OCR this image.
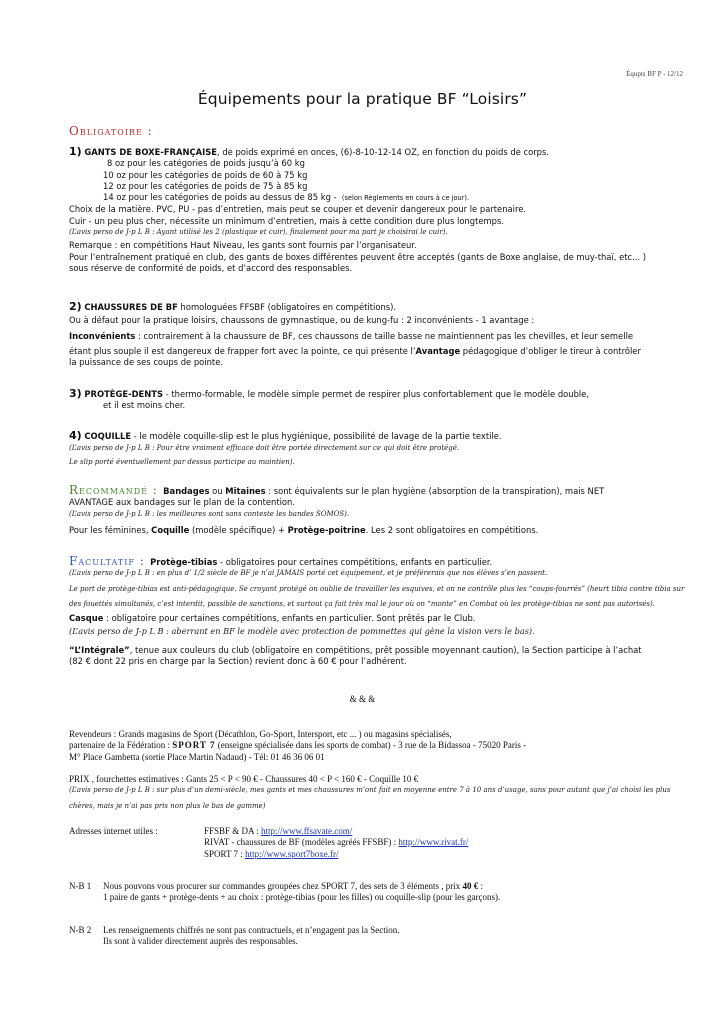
Équpts BF P - 12/12
Équipements pour la pratique BF “Loisirs”

Obligatoire :

1) GANTS DE BOXE-FRANÇAISE, de poids exprimé en onces, (6)-8-10-12-14 OZ, en fonction du poids de corps.

8 oz pour les catégories de poids jusqu’à 60 kg

10 oz pour les catégories de poids de 60 à 75 kg

12 oz pour les catégories de poids de 75 à 85 kg

14 oz pour les catégories de poids au dessus de 85 kg - (selon Règlements en cours à ce jour).

Choix de la matière. PVC, PU - pas d’entretien, mais peut se couper et devenir dangereux pour le partenaire.

Cuir - un peu plus cher, nécessite un minimum d’entretien, mais à cette condition dure plus longtemps.

(L’avis perso de J-p L B : Ayant utilisé les 2 (plastique et cuir), finalement pour ma part je choisirai le cuir).

Remarque : en compétitions Haut Niveau, les gants sont fournis par l’organisateur.

Pour l’entraînement pratiqué en club, des gants de boxes différentes peuvent être acceptés (gants de Boxe anglaise, de muy-thaï, etc... )

sous réserve de conformité de poids, et d’accord des responsables.

2) CHAUSSURES DE BF homologuées FFSBF (obligatoires en compétitions).

Ou à défaut pour la pratique loisirs, chaussons de gymnastique, ou de kung-fu : 2 inconvénients - 1 avantage :

Inconvénients : contrairement à la chaussure de BF, ces chaussons de taille basse ne maintiennent pas les chevilles, et leur semelle

étant plus souple il est dangereux de frapper fort avec la pointe, ce qui présente l’Avantage pédagogique d’obliger le tireur à contrôler

la puissance de ses coups de pointe.

3) PROTÈGE-DENTS - thermo-formable, le modèle simple permet de respirer plus confortablement que le modèle double,

et il est moins cher.

4) COQUILLE - le modèle coquille-slip est le plus hygiénique, possibilité de lavage de la partie textile.

(L’avis perso de J-p L B : Pour être vraiment efficace doit être portée directement sur ce qui doit être protégé.

Le slip porté éventuellement par dessus participe au maintien).

Recommandé : Bandages ou Mitaines : sont équivalents sur le plan hygiène (absorption de la transpiration), mais NET

AVANTAGE aux bandages sur le plan de la contention.

(L’avis perso de J-p L B : les meilleures sont sans conteste les bandes SOMOS).

Pour les féminines, Coquille (modèle spécifique) + Protège-poitrine. Les 2 sont obligatoires en compétitions.

Facultatif : Protège-tibias - obligatoires pour certaines compétitions, enfants en particulier.

(L’avis perso de J-p L B : en plus d’ 1/2 siècle de BF je n’ai JAMAIS porté cet équipement, et je préférerais que nos élèves s’en passent.

Le port de protège-tibias est anti-pédagogique. Se croyant protégé on oublie de travailler les esquives, et on ne contrôle plus les “coups-fourrés” (heurt tibia contre tibia sur

des fouettés simultanés, c’est interdit, passible de sanctions, et surtout ça fait très mal le jour où on “monte” en Combat où les protège-tibias ne sont pas autorisés).

Casque : obligatoire pour certaines compétitions, enfants en particulier. Sont prêtés par le Club.

(L’avis perso de J-p L B : aberrant en BF le modèle avec protection de pommettes qui gène la vision vers le bas).

“L’Intégrale”, tenue aux couleurs du club (obligatoire en compétitions, prêt possible moyennant caution), la Section participe à l’achat

(82 € dont 22 pris en charge par la Section) revient donc à 60 € pour l’adhérent.

& & &

Revendeurs : Grands magasins de Sport (Décathlon, Go-Sport, Intersport, etc ... ) ou magasins spécialisés,

partenaire de la Fédération : SPORT 7 (enseigne spécialisée dans les sports de combat) - 3 rue de la Bidassoa - 75020 Paris -

M° Place Gambetta (sortie Place Martin Nadaud) - Tél: 01 46 36 06 01

PRIX , fourchettes estimatives : Gants 25 < P < 90 € - Chaussures 40 < P < 160 € - Coquille 10 €

(L’avis perso de J-p L B : sur plus d’un demi-siècle, mes gants et mes chaussures m’ont fait en moyenne entre 7 à 10 ans d’usage, sans pour autant que j’ai choisi les plus

chères, mais je n’ai pas pris non plus le bas de gamme)

Adresses internet utiles :	FFSBF & DA : http://www.ffsavate.com/

RIVAT - chaussures de BF (modèles agréés FFSBF) : http://www.rivat.fr/

SPORT 7 : http://www.sport7boxe.fr/

N-B 1 Nous pouvons vous procurer sur commandes groupées chez SPORT 7, des sets de 3 éléments , prix 40 € :

1 paire de gants + protège-dents + au choix : protège-tibias (pour les filles) ou coquille-slip (pour les garçons).

N-B 2 Les renseignements chiffrés ne sont pas contractuels, et n’engagent pas la Section.

Ils sont à valider directement auprès des responsables.
